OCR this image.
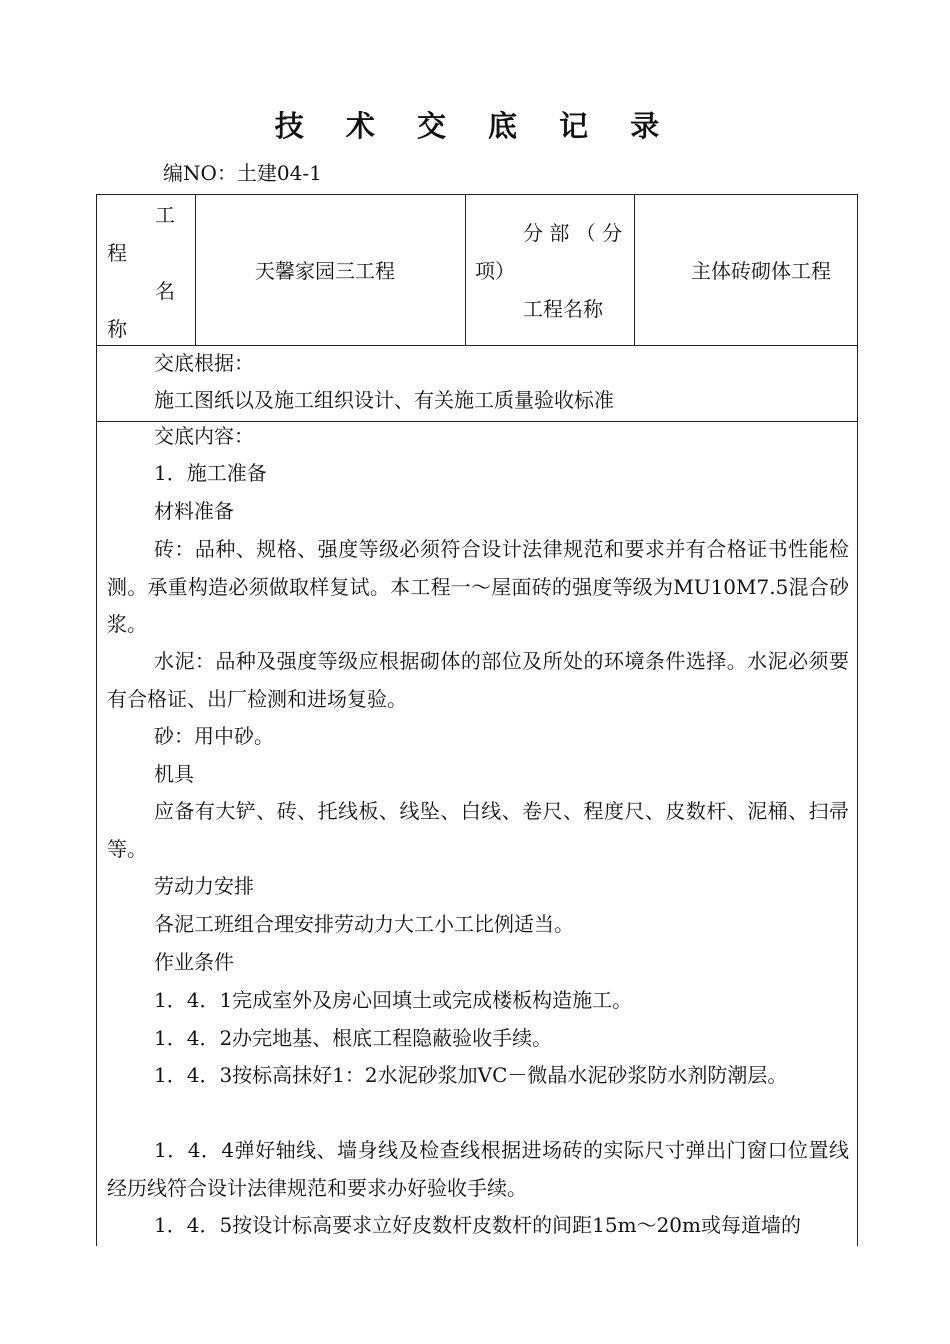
技 术 交 底 记 录
编NO：土建04-1
工
程
名
称
天馨家园三工程
分 部 （ 分
项）
工程名称
主体砖砌体工程
交底根据：
施工图纸以及施工组织设计、有关施工质量验收标准
交底内容：
1．施工准备
材料准备
砖：品种、规格、强度等级必须符合设计法律规范和要求并有合格证书性能检测。承重构造必须做取样复试。本工程一～屋面砖的强度等级为MU10M7.5混合砂浆。
水泥：品种及强度等级应根据砌体的部位及所处的环境条件选择。水泥必须要有合格证、出厂检测和进场复验。
砂：用中砂。
机具
应备有大铲、砖、托线板、线坠、白线、卷尺、程度尺、皮数杆、泥桶、扫帚等。
劳动力安排
各泥工班组合理安排劳动力大工小工比例适当。
作业条件
1．4．1完成室外及房心回填土或完成楼板构造施工。
1．4．2办完地基、根底工程隐蔽验收手续。
1．4．3按标高抹好1：2水泥砂浆加VC－微晶水泥砂浆防水剂防潮层。
1．4．4弹好轴线、墙身线及检查线根据进场砖的实际尺寸弹出门窗口位置线经历线符合设计法律规范和要求办好验收手续。
1．4．5按设计标高要求立好皮数杆皮数杆的间距15m～20m或每道墙的
